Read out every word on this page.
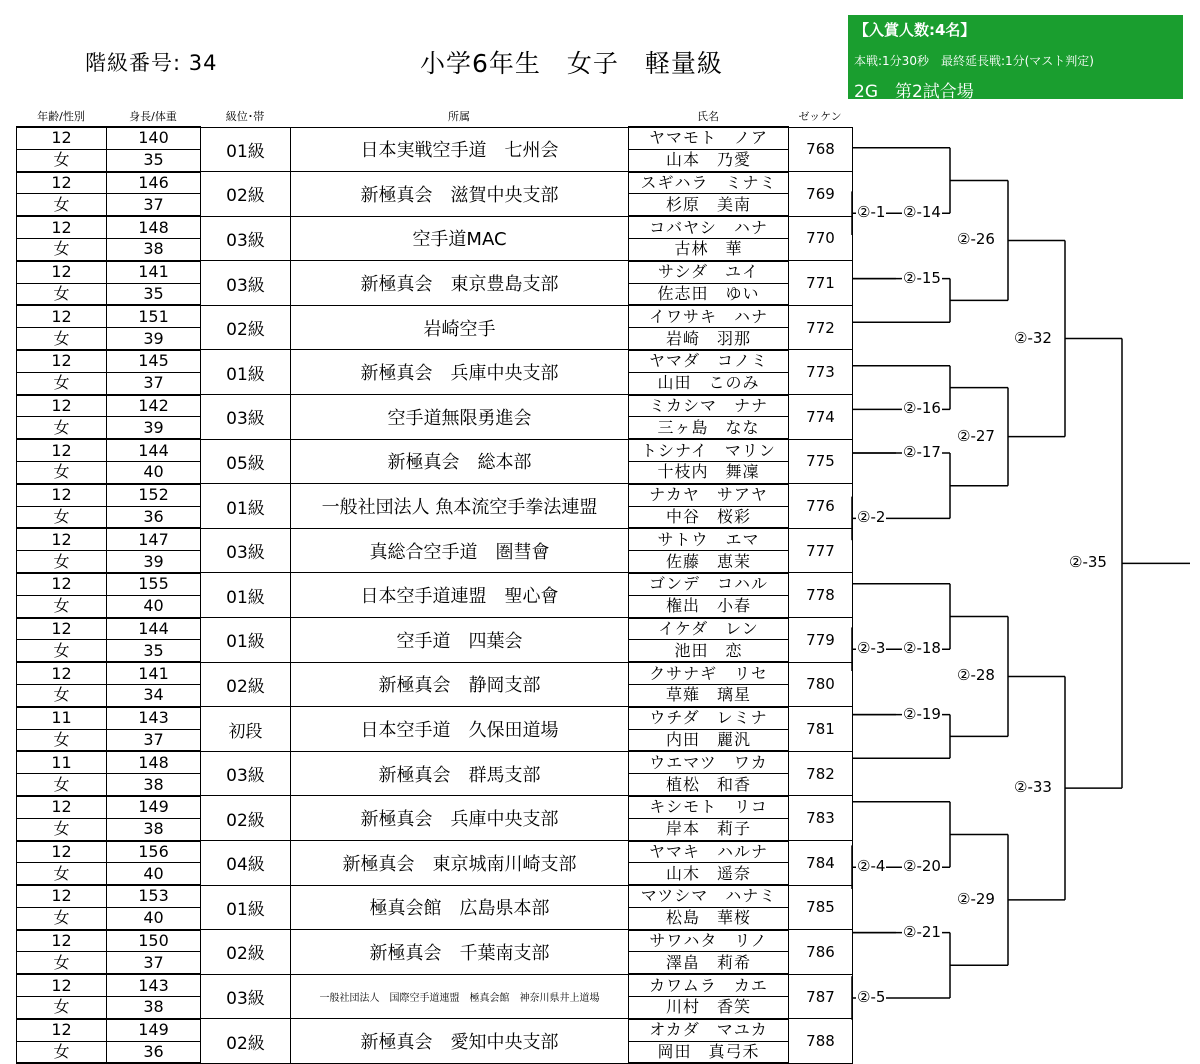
階級番号: 34	小学6年生　女子　軽量級
【入賞人数:4名】
本戦:1分30秒　最終延長戦:1分(マスト判定)
2G　第2試合場
年齢/性別	身長/体重	級位･帯	所属	氏名	ゼッケン
12	140	01級	日本実戦空手道　七州会	ヤマモト　ノア	768
女	35			山本　乃愛	
12	146	02級	新極真会　滋賀中央支部	スギハラ　ミナミ	769
女	37			杉原　美南	
12	148	03級	空手道MAC	コバヤシ　ハナ	770
女	38			古林　華	
12	141	03級	新極真会　東京豊島支部	サシダ　ユイ	771
女	35			佐志田　ゆい	
12	151	02級	岩崎空手	イワサキ　ハナ	772
女	39			岩崎　羽那	
12	145	01級	新極真会　兵庫中央支部	ヤマダ　コノミ	773
女	37			山田　このみ	
12	142	03級	空手道無限勇進会	ミカシマ　ナナ	774
女	39			三ヶ島　なな	
12	144	05級	新極真会　総本部	トシナイ　マリン	775
女	40			十枝内　舞凜	
12	152	01級	一般社団法人 魚本流空手拳法連盟	ナカヤ　サアヤ	776
女	36			中谷　桜彩	
12	147	03級	真総合空手道　圏彗會	サトウ　エマ	777
女	39			佐藤　恵茉	
12	155	01級	日本空手道連盟　聖心會	ゴンデ　コハル	778
女	40			権出　小春	
12	144	01級	空手道　四葉会	イケダ　レン	779
女	35			池田　恋	
12	141	02級	新極真会　静岡支部	クサナギ　リセ	780
女	34			草薙　璃星	
11	143	初段	日本空手道　久保田道場	ウチダ　レミナ	781
女	37			内田　麗汎	
11	148	03級	新極真会　群馬支部	ウエマツ　ワカ	782
女	38			植松　和香	
12	149	02級	新極真会　兵庫中央支部	キシモト　リコ	783
女	38			岸本　莉子	
12	156	04級	新極真会　東京城南川崎支部	ヤマキ　ハルナ	784
女	40			山木　遥奈	
12	153	01級	極真会館　広島県本部	マツシマ　ハナミ	785
女	40			松島　華桜	
12	150	02級	新極真会　千葉南支部	サワハタ　リノ	786
女	37			澤畠　莉希	
12	143	03級	一般社団法人　国際空手道連盟　極真会館　神奈川県井上道場	カワムラ　カエ	787
女	38			川村　香笑	
12	149	02級	新極真会　愛知中央支部	オカダ　マユカ	788
女	36			岡田　真弓禾	
②-1
②-2
②-3
②-4
②-5
②-14
②-15
②-16
②-17
②-18
②-19
②-20
②-21
②-26
②-27
②-28
②-29
②-32
②-33
②-35
